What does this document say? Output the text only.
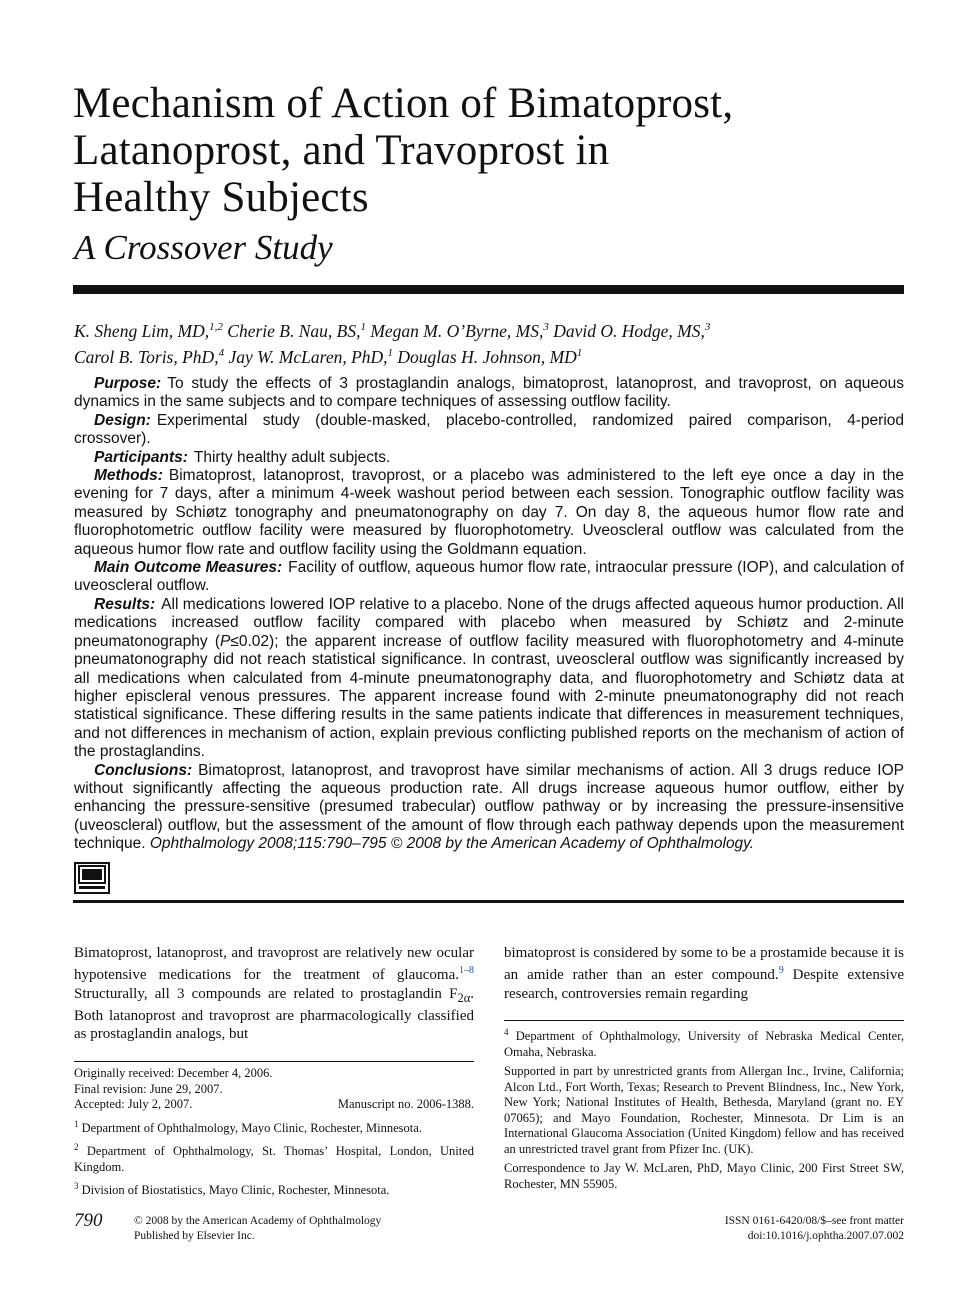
Mechanism of Action of Bimatoprost,
Latanoprost, and Travoprost in
Healthy Subjects
A Crossover Study
K. Sheng Lim, MD,$^{1,2}$ Cherie B. Nau, BS,$^1$ Megan M. O’Byrne, MS,$^3$ David O. Hodge, MS,$^3$
Carol B. Toris, PhD,$^4$ Jay W. McLaren, PhD,$^1$ Douglas H. Johnson, $MD^1$

Purpose: To study the effects of 3 prostaglandin analogs, bimatoprost, latanoprost, and travoprost, on aqueous dynamics in the same subjects and to compare techniques of assessing outflow facility.

Design: Experimental study (double-masked, placebo-controlled, randomized paired comparison, 4-period crossover).

Participants: Thirty healthy adult subjects.

Methods: Bimatoprost, latanoprost, travoprost, or a placebo was administered to the left eye once a day in the evening for 7 days, after a minimum 4-week washout period between each session. Tonographic outflow facility was measured by Schiøtz tonography and pneumatonography on day 7. On day 8, the aqueous humor flow rate and fluorophotometric outflow facility were measured by fluorophotometry. Uveoscleral outflow was calculated from the aqueous humor flow rate and outflow facility using the Goldmann equation.

Main Outcome Measures: Facility of outflow, aqueous humor flow rate, intraocular pressure (IOP), and calculation of uveoscleral outflow.

Results: All medications lowered IOP relative to a placebo. None of the drugs affected aqueous humor production. All medications increased outflow facility compared with placebo when measured by Schiøtz and 2-minute pneumatonography (P≤0.02); the apparent increase of outflow facility measured with fluorophotometry and 4-minute pneumatonography did not reach statistical significance. In contrast, uveoscleral outflow was significantly increased by all medications when calculated from 4-minute pneumatonography data, and fluorophotometry and Schiøtz data at higher episcleral venous pressures. The apparent increase found with 2-minute pneumatonography did not reach statistical significance. These differing results in the same patients indicate that differences in measurement techniques, and not differences in mechanism of action, explain previous conflicting published reports on the mechanism of action of the prostaglandins.

Conclusions: Bimatoprost, latanoprost, and travoprost have similar mechanisms of action. All 3 drugs reduce IOP without significantly affecting the aqueous production rate. All drugs increase aqueous humor outflow, either by enhancing the pressure-sensitive (presumed trabecular) outflow pathway or by increasing the pressure-insensitive (uveoscleral) outflow, but the assessment of the amount of flow through each pathway depends upon the measurement technique. Ophthalmology 2008;115:790–795 © 2008 by the American Academy of Ophthalmology.

Bimatoprost, latanoprost, and travoprost are relatively new ocular hypotensive medications for the treatment of glaucoma.$^{1-8}$ Structurally, all 3 compounds are related to prostaglandin $F_{2\alpha}$. Both latanoprost and travoprost are pharmacologically classified as prostaglandin analogs, but
bimatoprost is considered by some to be a prostamide because it is an amide rather than an ester compound.$^9$ Despite extensive research, controversies remain regarding

Originally received: December 4, 2006.
Final revision: June 29, 2007.
Accepted: July 2, 2007.	Manuscript no. 2006-1388.

$^1$ Department of Ophthalmology, Mayo Clinic, Rochester, Minnesota.

$^2$ Department of Ophthalmology, St. Thomas’ Hospital, London, United Kingdom.

$^3$ Division of Biostatistics, Mayo Clinic, Rochester, Minnesota.

$^4$ Department of Ophthalmology, University of Nebraska Medical Center, Omaha, Nebraska.

Supported in part by unrestricted grants from Allergan Inc., Irvine, California; Alcon Ltd., Fort Worth, Texas; Research to Prevent Blindness, Inc., New York, New York; National Institutes of Health, Bethesda, Maryland (grant no. EY 07065); and Mayo Foundation, Rochester, Minnesota. Dr Lim is an International Glaucoma Association (United Kingdom) fellow and has received an unrestricted travel grant from Pfizer Inc. (UK).

Correspondence to Jay W. McLaren, PhD, Mayo Clinic, 200 First Street SW, Rochester, MN 55905.

790	© 2008 by the American Academy of Ophthalmology
Published by Elsevier Inc.
ISSN 0161-6420/08/$–see front matter
doi:10.1016/j.ophtha.2007.07.002
